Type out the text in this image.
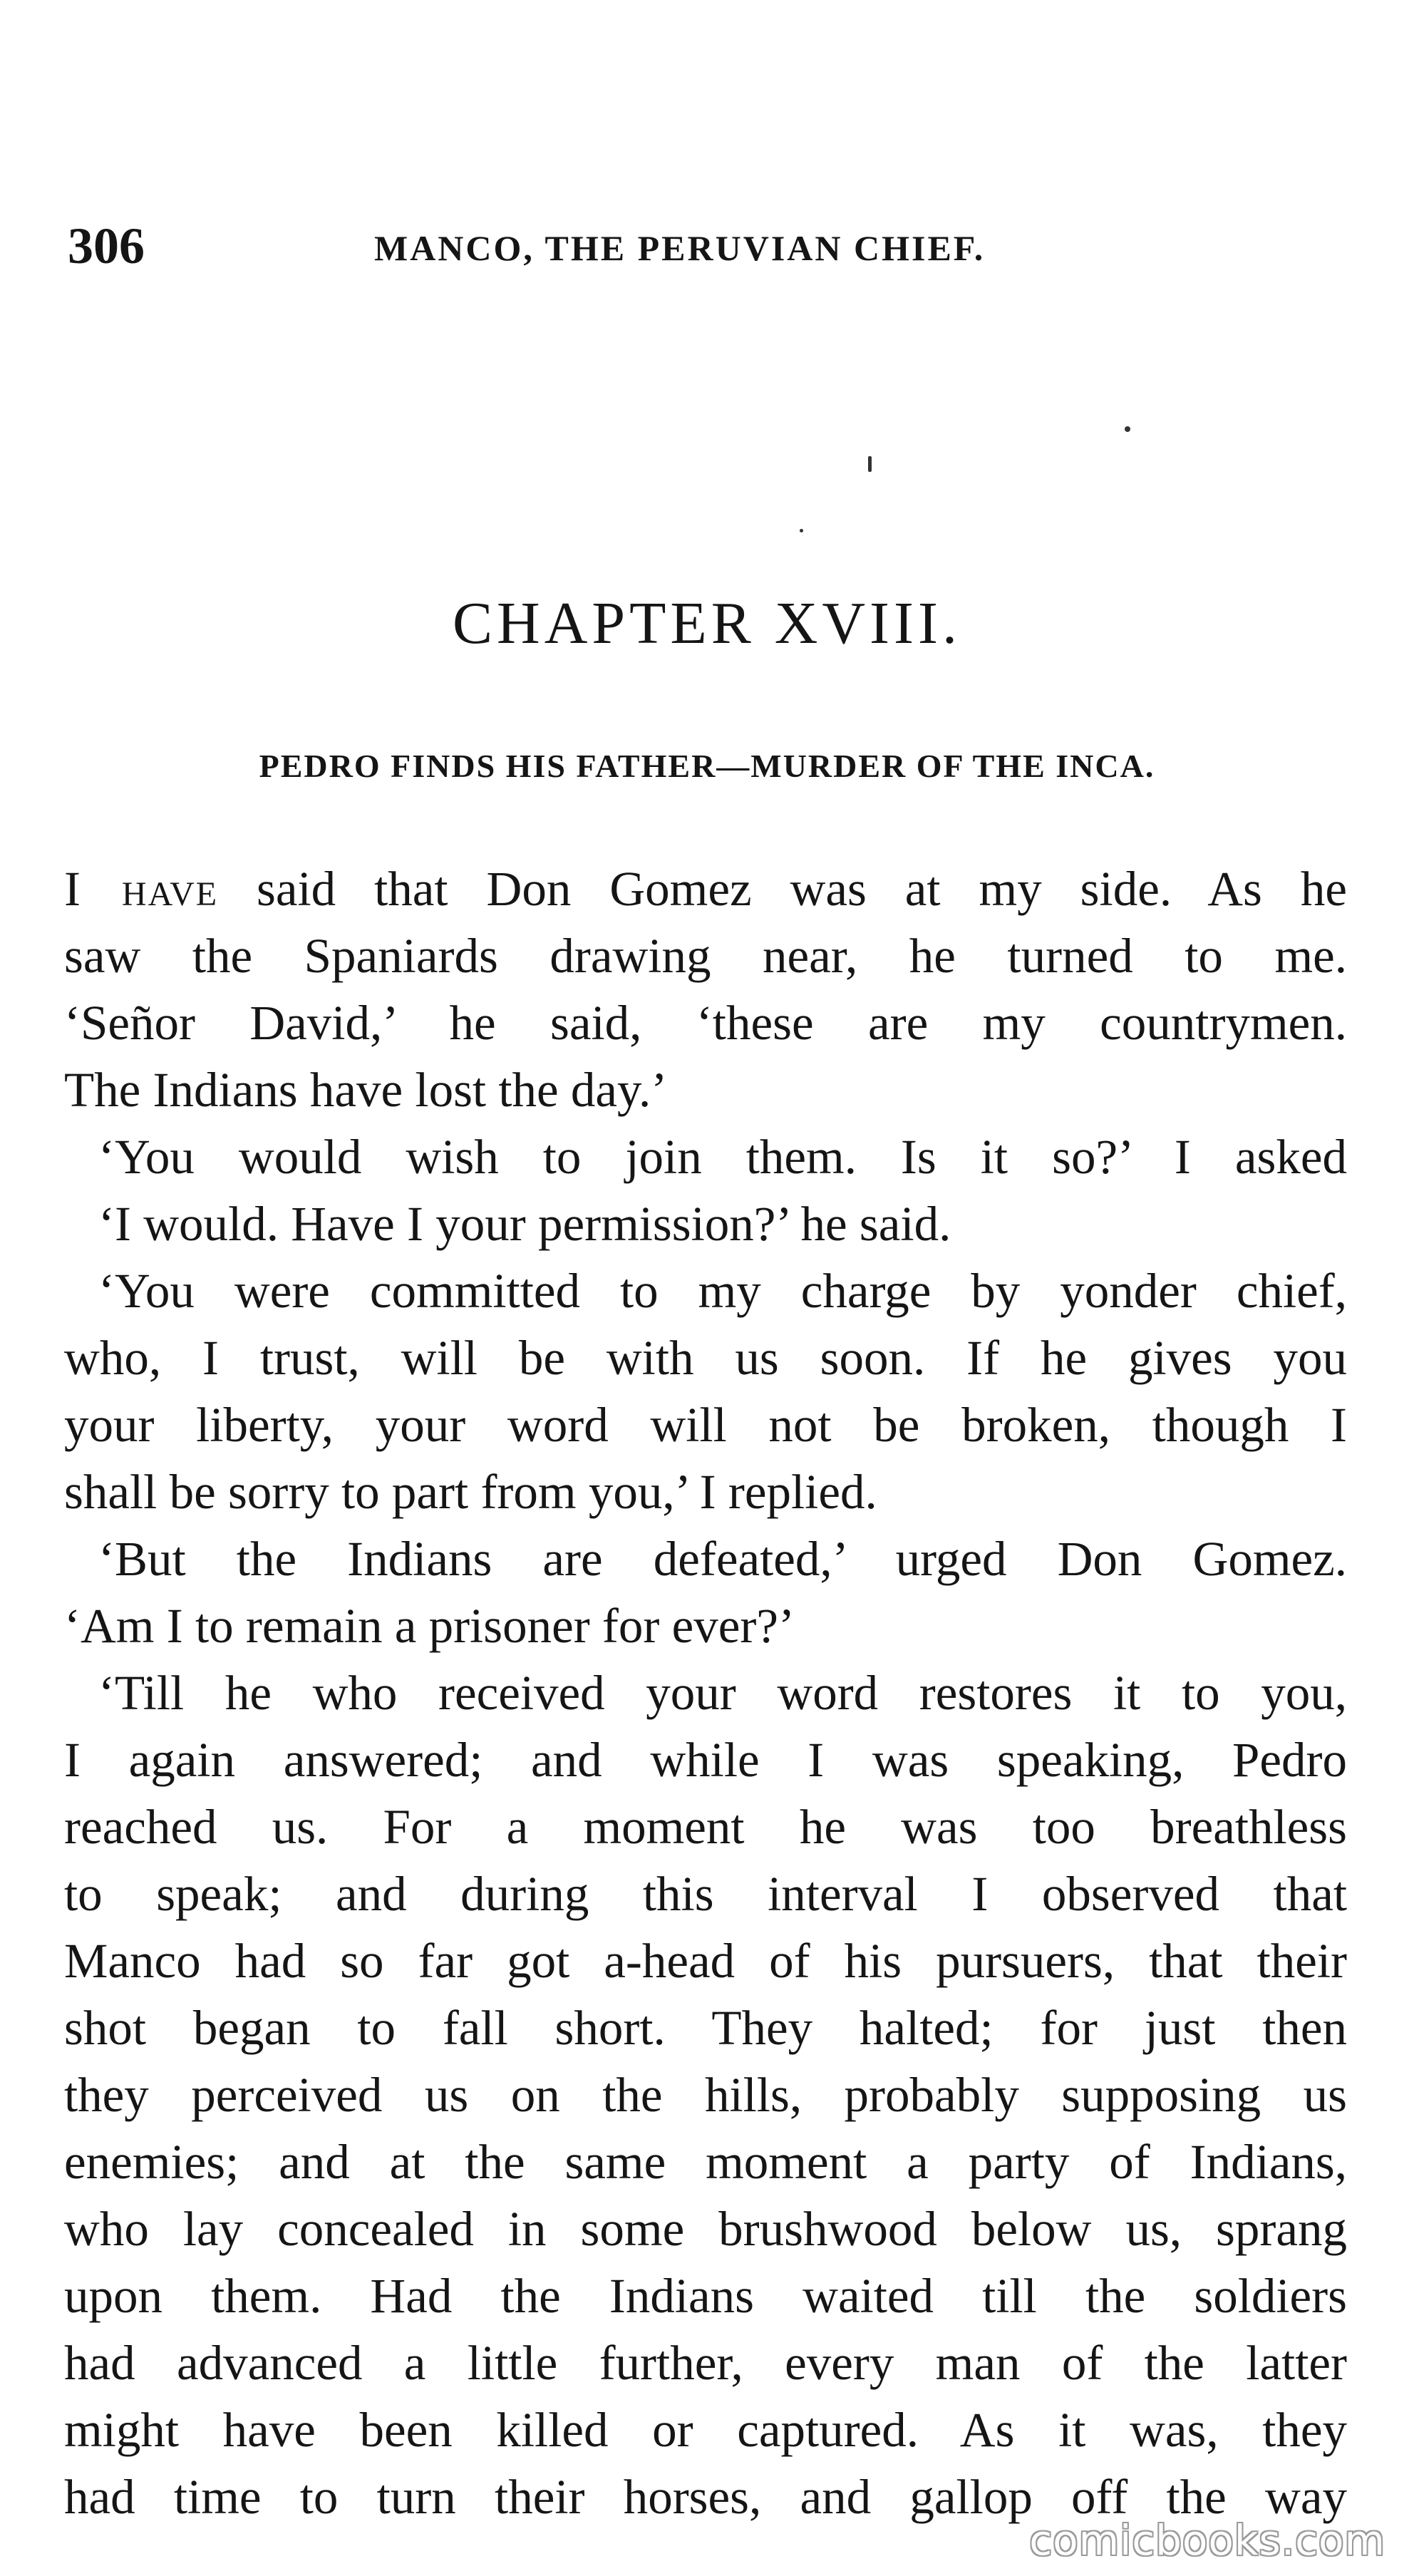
306	MANCO, THE PERUVIAN CHIEF.
CHAPTER XVIII.
PEDRO FINDS HIS FATHER—MURDER OF THE INCA.
I have said that Don Gomez was at my side. As he
saw the Spaniards drawing near, he turned to me.
‘Señor David,’ he said, ‘these are my countrymen.
The Indians have lost the day.’
‘You would wish to join them. Is it so?’ I asked
‘I would. Have I your permission?’ he said.
‘You were committed to my charge by yonder chief,
who, I trust, will be with us soon. If he gives you
your liberty, your word will not be broken, though I
shall be sorry to part from you,’ I replied.
‘But the Indians are defeated,’ urged Don Gomez.
‘Am I to remain a prisoner for ever?’
‘Till he who received your word restores it to you,
I again answered; and while I was speaking, Pedro
reached us. For a moment he was too breathless
to speak; and during this interval I observed that
Manco had so far got a-head of his pursuers, that their
shot began to fall short. They halted; for just then
they perceived us on the hills, probably supposing us
enemies; and at the same moment a party of Indians,
who lay concealed in some brushwood below us, sprang
upon them. Had the Indians waited till the soldiers
had advanced a little further, every man of the latter
might have been killed or captured. As it was, they
had time to turn their horses, and gallop off the way
comicbooks.com
